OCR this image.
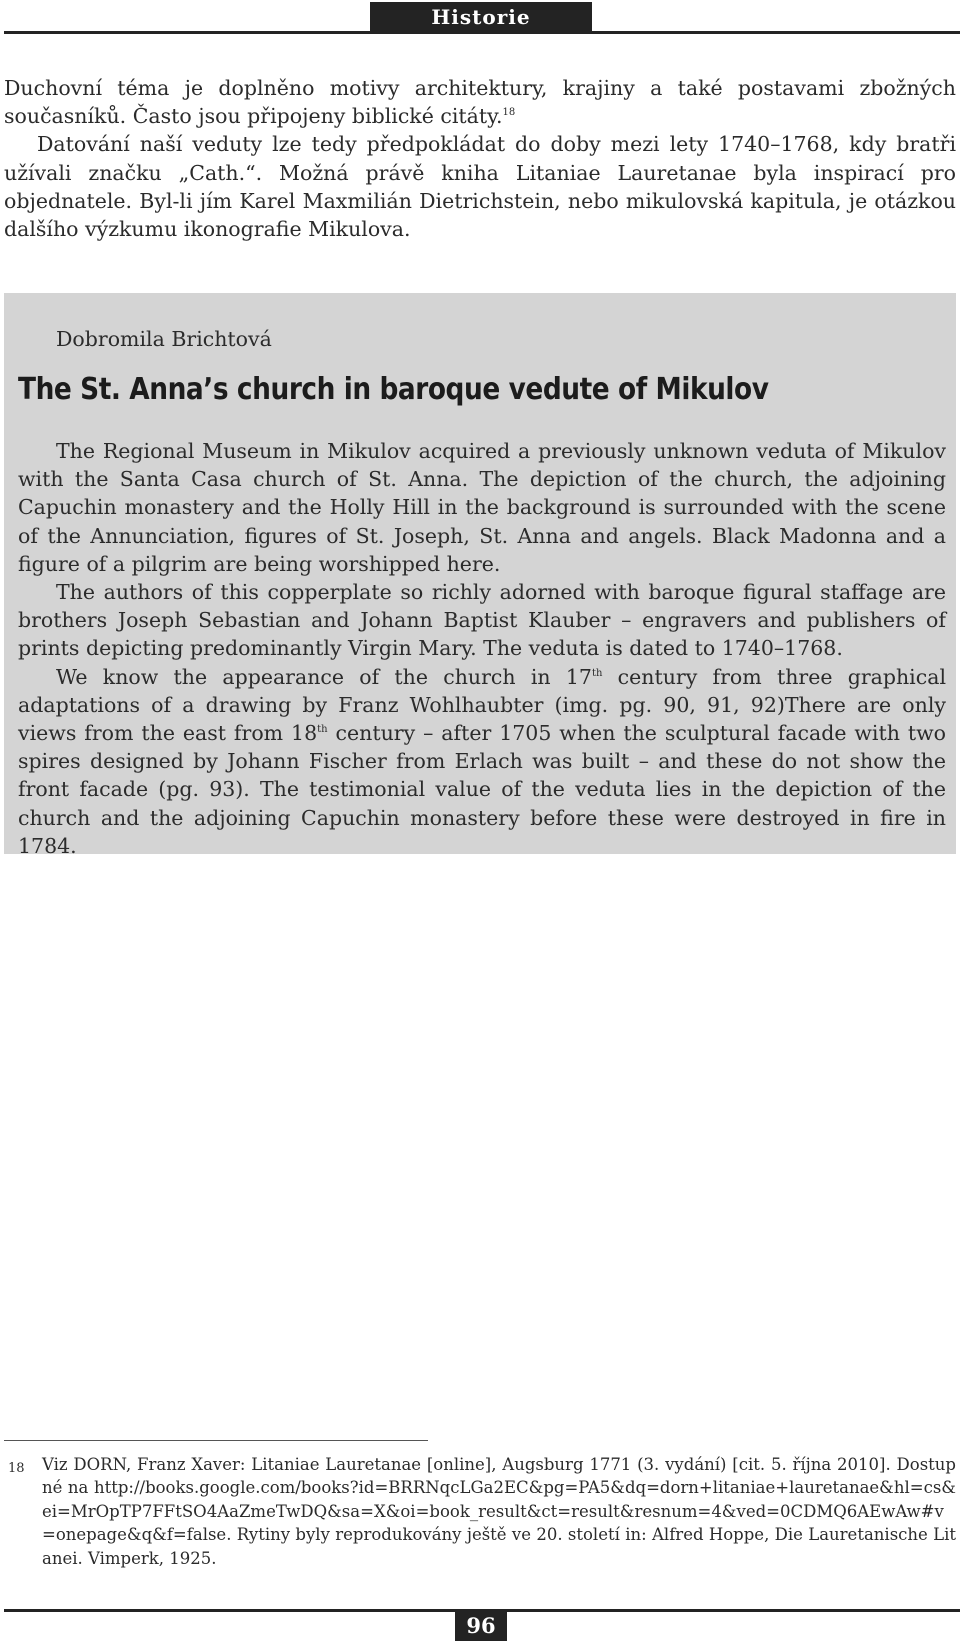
Historie

Duchovní téma je doplněno motivy architektury, krajiny a také postavami zbožných současníků. Často jsou připojeny biblické citáty.$^{18}$

Datování naší veduty lze tedy předpokládat do doby mezi lety 1740–1768, kdy bratři užívali značku „Cath.“. Možná právě kniha Litaniae Lauretanae byla inspirací pro objednatele. Byl-li jím Karel Maxmilián Dietrichstein, nebo mikulovská kapitula, je otázkou dalšího výzkumu ikonografie Mikulova.

Dobromila Brichtová
The St. Anna’s church in baroque vedute of Mikulov

The Regional Museum in Mikulov acquired a previously unknown veduta of Mikulov with the Santa Casa church of St. Anna. The depiction of the church, the adjoining Capuchin monastery and the Holly Hill in the background is surrounded with the scene of the Annunciation, figures of St. Joseph, St. Anna and angels. Black Madonna and a figure of a pilgrim are being worshipped here.

The authors of this copperplate so richly adorned with baroque figural staffage are brothers Joseph Sebastian and Johann Baptist Klauber – engravers and publishers of prints depicting predominantly Virgin Mary. The veduta is dated to 1740–1768.

We know the appearance of the church in 17th century from three graphical adaptations of a drawing by Franz Wohlhaubter (img. pg. 90, 91, 92)There are only views from the east from 18th century – after 1705 when the sculptural facade with two spires designed by Johann Fischer from Erlach was built – and these do not show the front facade (pg. 93). The testimonial value of the veduta lies in the depiction of the church and the adjoining Capuchin monastery before these were destroyed in fire in 1784.

18 Viz DORN, Franz Xaver: Litaniae Lauretanae [online], Augsburg 1771 (3. vydání) [cit. 5. října 2010]. Dostupné na http://books.google.com/books?id=BRRNqcLGa2EC&pg=PA5&dq=dorn+litaniae+lauretanae&hl=cs&ei=MrOpTP7FFtSO4AaZmeTwDQ&sa=X&oi=book_result&ct=result&resnum=4&ved=0CDMQ6AEwAw#v=onepage&q&f=false. Rytiny byly reprodukovány ještě ve 20. století in: Alfred Hoppe, Die Lauretanische Litanei. Vimperk, 1925.
96
